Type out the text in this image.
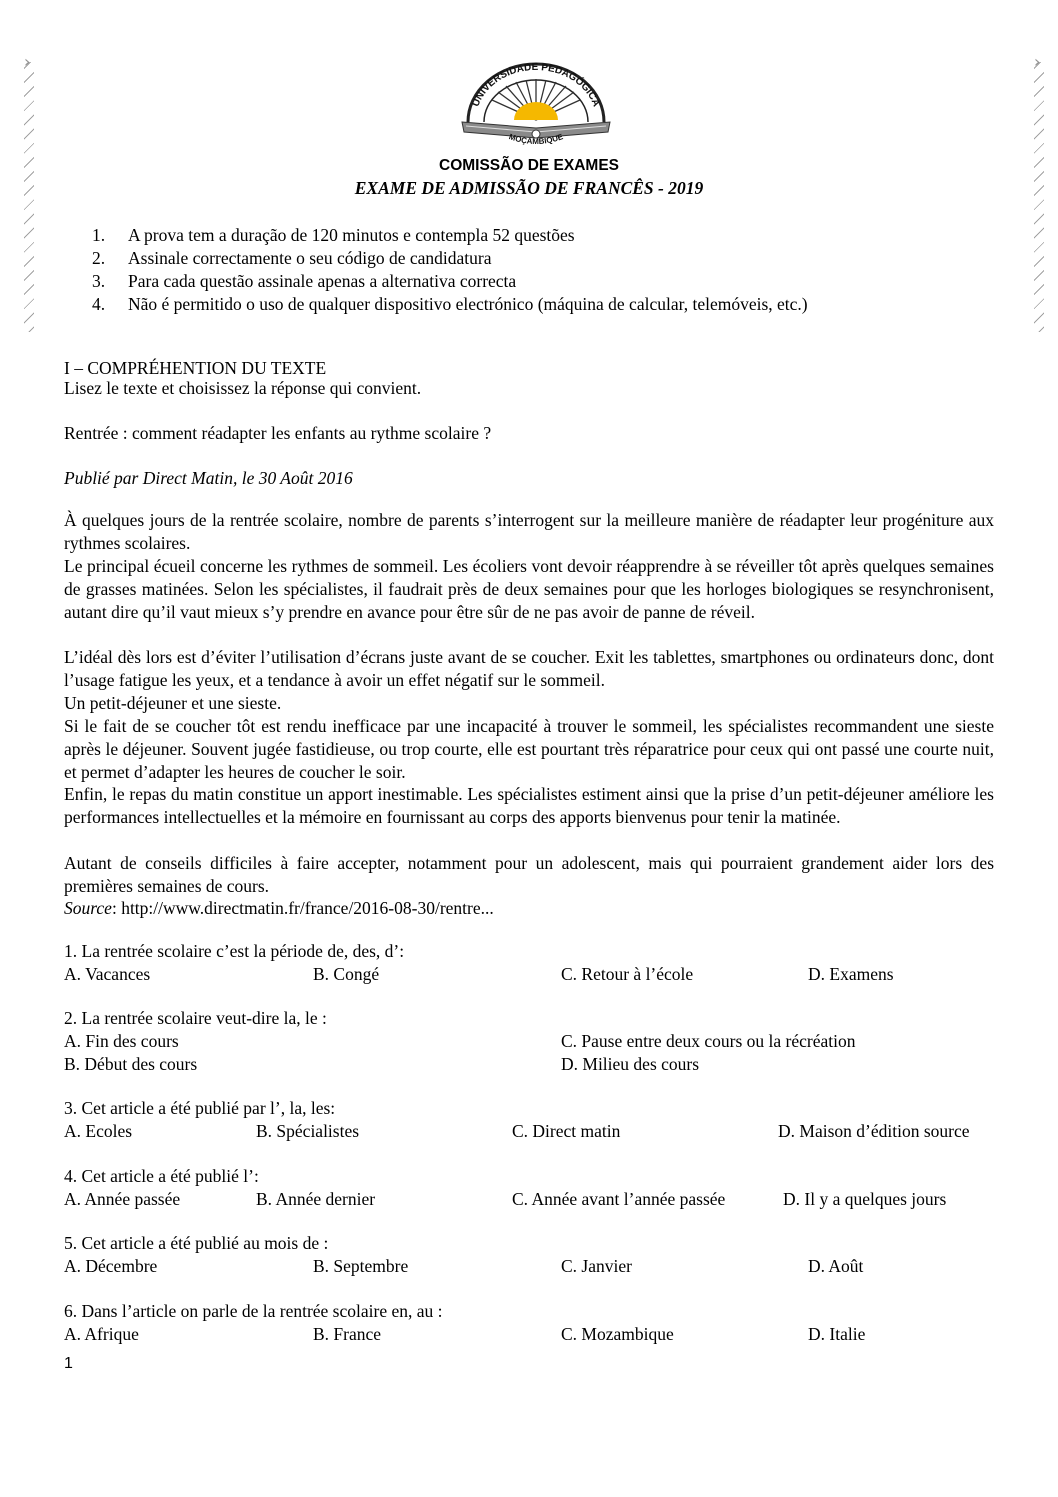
›
›
UNIVERSIDADE PEDAGÓGICA
MOÇAMBIQUE
COMISSÃO DE EXAMES
EXAME DE ADMISSÃO DE FRANCÊS - 2019
1.	A prova tem a duração de 120 minutos e contempla 52 questões
2.	Assinale correctamente o seu código de candidatura
3.	Para cada questão assinale apenas a alternativa correcta
4.	Não é permitido o uso de qualquer dispositivo electrónico (máquina de calcular, telemóveis, etc.)
I – COMPRÉHENTION DU TEXTE
Lisez le texte et choisissez la réponse qui convient.
Rentrée : comment réadapter les enfants au rythme scolaire ?
Publié par Direct Matin, le 30 Août 2016
À quelques jours de la rentrée scolaire, nombre de parents s’interrogent sur la meilleure manière de réadapter leur progéniture aux rythmes scolaires.
Le principal écueil concerne les rythmes de sommeil. Les écoliers vont devoir réapprendre à se réveiller tôt après quelques semaines de grasses matinées. Selon les spécialistes, il faudrait près de deux semaines pour que les horloges biologiques se resynchronisent, autant dire qu’il vaut mieux s’y prendre en avance pour être sûr de ne pas avoir de panne de réveil.
L’idéal dès lors est d’éviter l’utilisation d’écrans juste avant de se coucher. Exit les tablettes, smartphones ou ordinateurs donc, dont l’usage fatigue les yeux, et a tendance à avoir un effet négatif sur le sommeil.
Un petit-déjeuner et une sieste.
Si le fait de se coucher tôt est rendu inefficace par une incapacité à trouver le sommeil, les spécialistes recommandent une sieste après le déjeuner. Souvent jugée fastidieuse, ou trop courte, elle est pourtant très réparatrice pour ceux qui ont passé une courte nuit, et permet d’adapter les heures de coucher le soir.
Enfin, le repas du matin constitue un apport inestimable. Les spécialistes estiment ainsi que la prise d’un petit-déjeuner améliore les performances intellectuelles et la mémoire en fournissant au corps des apports bienvenus pour tenir la matinée.
Autant de conseils difficiles à faire accepter, notamment pour un adolescent, mais qui pourraient grandement aider lors des premières semaines de cours.
Source: http://www.directmatin.fr/france/2016-08-30/rentre...
1. La rentrée scolaire c’est la période de, des, d’:
A. Vacances	B. Congé	C. Retour à l’école	D. Examens
2. La rentrée scolaire veut-dire la, le :
A. Fin des cours	C. Pause entre deux cours ou la récréation
B. Début des cours	D. Milieu des cours
3. Cet article a été publié par l’, la, les:
A. Ecoles	B. Spécialistes	C. Direct matin	D. Maison d’édition source
4. Cet article a été publié l’:
A. Année passée	B. Année dernier	C. Année avant l’année passée	D. Il y a quelques jours
5. Cet article a été publié au mois de :
A. Décembre	B. Septembre	C. Janvier	D. Août
6. Dans l’article on parle de la rentrée scolaire en, au :
A. Afrique	B. France	C. Mozambique	D. Italie
1
